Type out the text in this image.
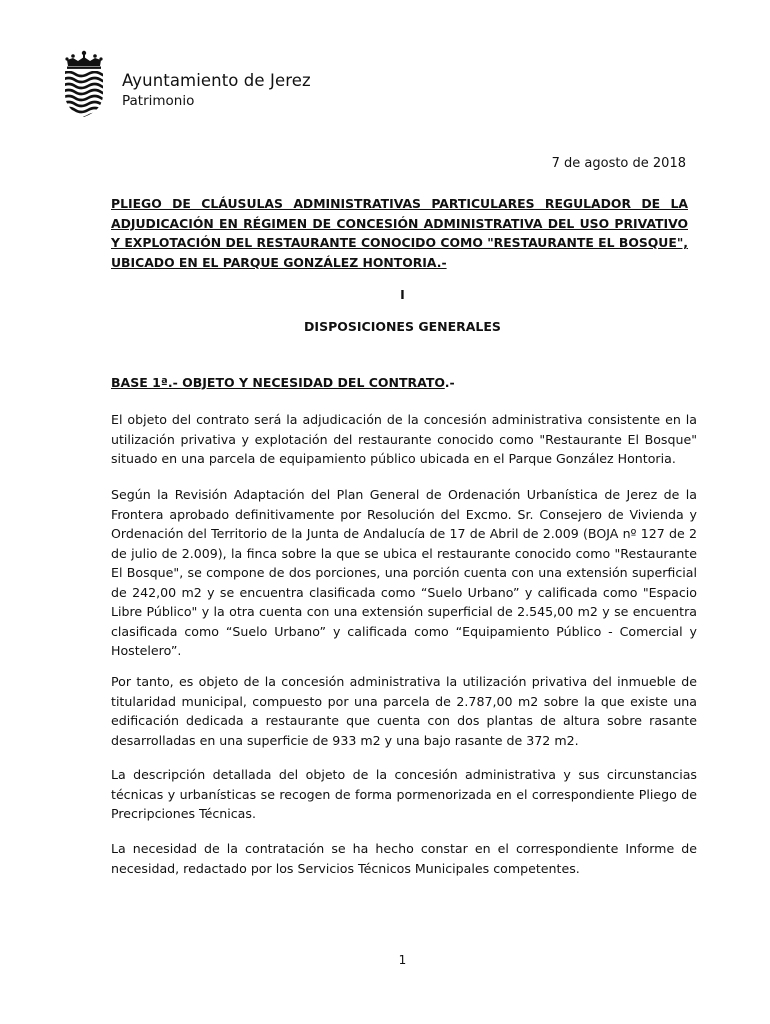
Ayuntamiento de Jerez
Patrimonio
7 de agosto de 2018
PLIEGO DE CLÁUSULAS ADMINISTRATIVAS PARTICULARES REGULADOR DE LA ADJUDICACIÓN EN RÉGIMEN DE CONCESIÓN ADMINISTRATIVA DEL USO PRIVATIVO Y EXPLOTACIÓN DEL RESTAURANTE CONOCIDO COMO "RESTAURANTE EL BOSQUE", UBICADO EN EL PARQUE GONZÁLEZ HONTORIA.-
I
DISPOSICIONES GENERALES
BASE 1ª.- OBJETO Y NECESIDAD DEL CONTRATO.-

El objeto del contrato será la adjudicación de la concesión administrativa consistente en la utilización privativa y explotación del restaurante conocido como "Restaurante El Bosque" situado en una parcela de equipamiento público ubicada en el Parque González Hontoria.

Según la Revisión Adaptación del Plan General de Ordenación Urbanística de Jerez de la Frontera aprobado definitivamente por Resolución del Excmo. Sr. Consejero de Vivienda y Ordenación del Territorio de la Junta de Andalucía de 17 de Abril de 2.009 (BOJA nº 127 de 2 de julio de 2.009), la finca sobre la que se ubica el restaurante conocido como "Restaurante El Bosque", se compone de dos porciones, una porción cuenta con una extensión superficial de 242,00 m2 y se encuentra clasificada como “Suelo Urbano” y calificada como "Espacio Libre Público" y la otra cuenta con una extensión superficial de 2.545,00 m2 y se encuentra clasificada como “Suelo Urbano” y calificada como “Equipamiento Público - Comercial y Hostelero”.

Por tanto, es objeto de la concesión administrativa la utilización privativa del inmueble de titularidad municipal, compuesto por una parcela de 2.787,00 m2 sobre la que existe una edificación dedicada a restaurante que cuenta con dos plantas de altura sobre rasante desarrolladas en una superficie de 933 m2 y una bajo rasante de 372 m2.

La descripción detallada del objeto de la concesión administrativa y sus circunstancias técnicas y urbanísticas se recogen de forma pormenorizada en el correspondiente Pliego de Precripciones Técnicas.

La necesidad de la contratación se ha hecho constar en el correspondiente Informe de necesidad, redactado por los Servicios Técnicos Municipales competentes.

1
